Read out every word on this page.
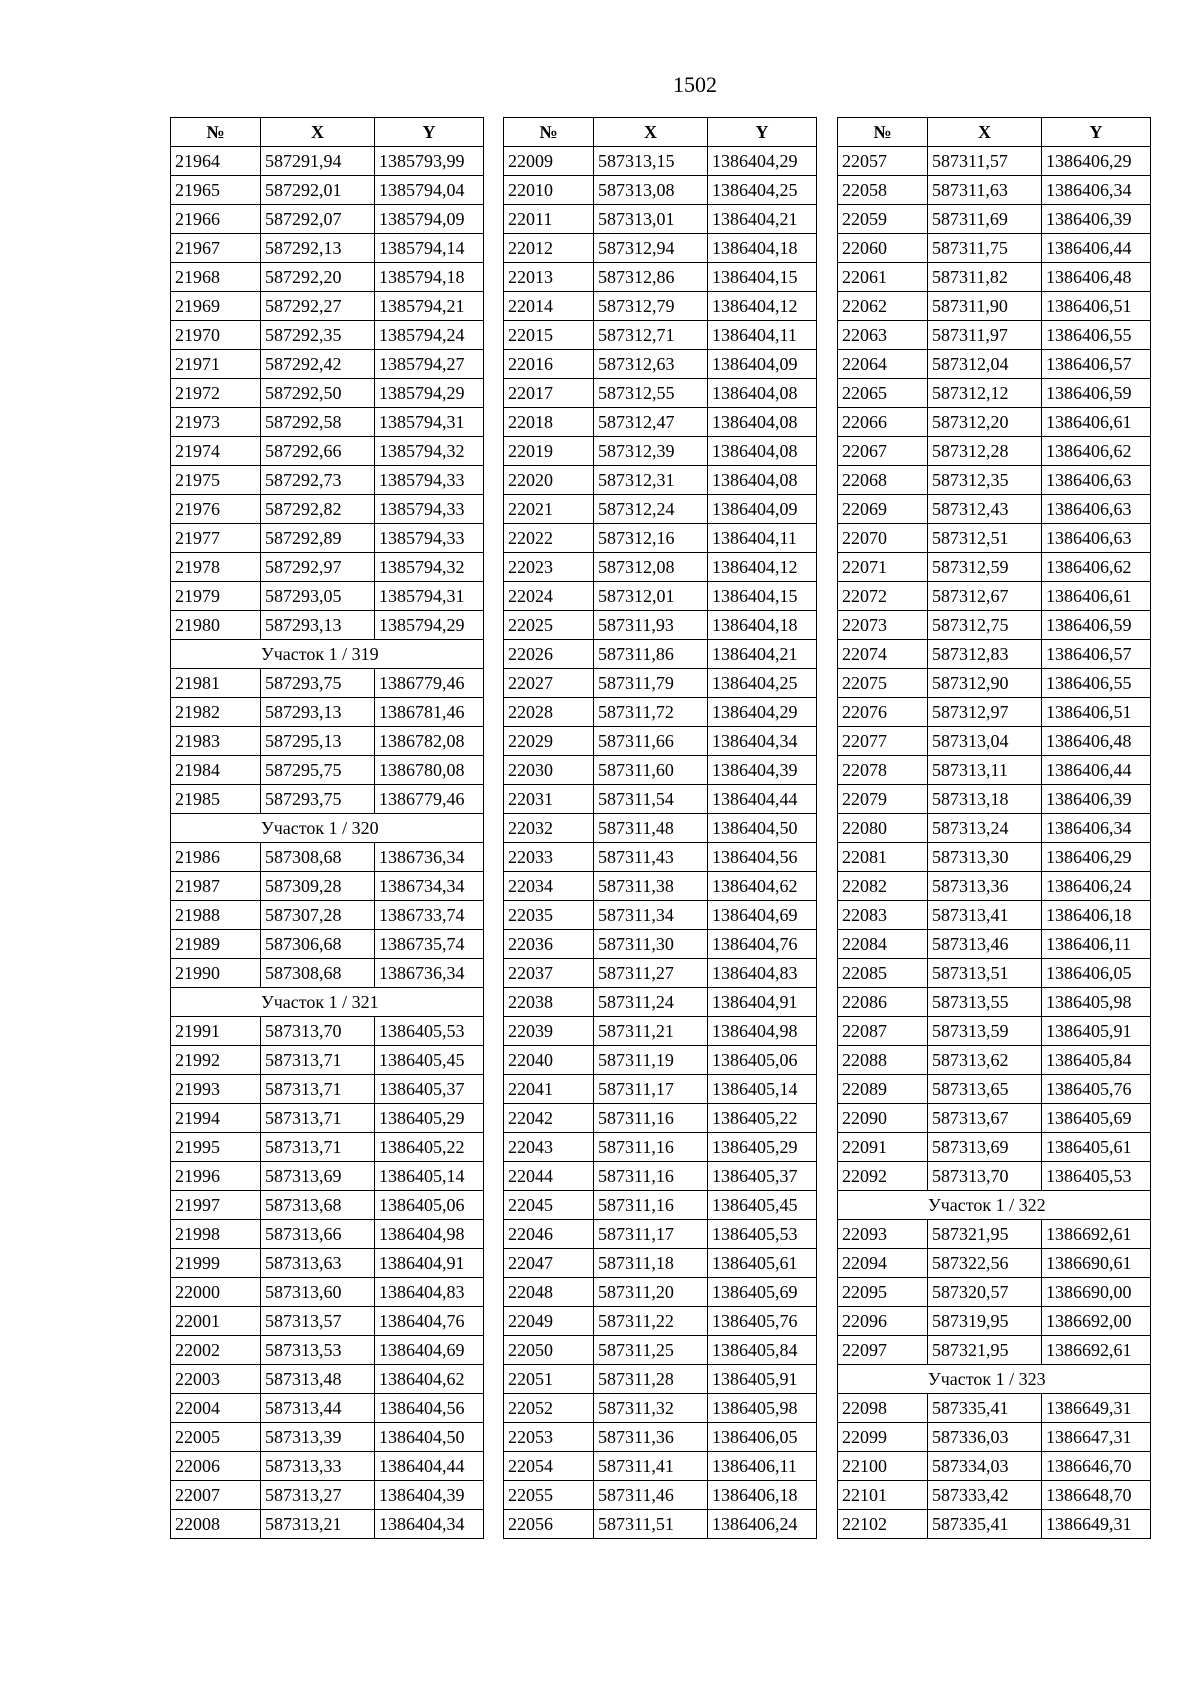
1502
№	X	Y
21964	587291,94	1385793,99
21965	587292,01	1385794,04
21966	587292,07	1385794,09
21967	587292,13	1385794,14
21968	587292,20	1385794,18
21969	587292,27	1385794,21
21970	587292,35	1385794,24
21971	587292,42	1385794,27
21972	587292,50	1385794,29
21973	587292,58	1385794,31
21974	587292,66	1385794,32
21975	587292,73	1385794,33
21976	587292,82	1385794,33
21977	587292,89	1385794,33
21978	587292,97	1385794,32
21979	587293,05	1385794,31
21980	587293,13	1385794,29
Участок 1 / 319		
21981	587293,75	1386779,46
21982	587293,13	1386781,46
21983	587295,13	1386782,08
21984	587295,75	1386780,08
21985	587293,75	1386779,46
Участок 1 / 320		
21986	587308,68	1386736,34
21987	587309,28	1386734,34
21988	587307,28	1386733,74
21989	587306,68	1386735,74
21990	587308,68	1386736,34
Участок 1 / 321		
21991	587313,70	1386405,53
21992	587313,71	1386405,45
21993	587313,71	1386405,37
21994	587313,71	1386405,29
21995	587313,71	1386405,22
21996	587313,69	1386405,14
21997	587313,68	1386405,06
21998	587313,66	1386404,98
21999	587313,63	1386404,91
22000	587313,60	1386404,83
22001	587313,57	1386404,76
22002	587313,53	1386404,69
22003	587313,48	1386404,62
22004	587313,44	1386404,56
22005	587313,39	1386404,50
22006	587313,33	1386404,44
22007	587313,27	1386404,39
22008	587313,21	1386404,34
№	X	Y
22009	587313,15	1386404,29
22010	587313,08	1386404,25
22011	587313,01	1386404,21
22012	587312,94	1386404,18
22013	587312,86	1386404,15
22014	587312,79	1386404,12
22015	587312,71	1386404,11
22016	587312,63	1386404,09
22017	587312,55	1386404,08
22018	587312,47	1386404,08
22019	587312,39	1386404,08
22020	587312,31	1386404,08
22021	587312,24	1386404,09
22022	587312,16	1386404,11
22023	587312,08	1386404,12
22024	587312,01	1386404,15
22025	587311,93	1386404,18
22026	587311,86	1386404,21
22027	587311,79	1386404,25
22028	587311,72	1386404,29
22029	587311,66	1386404,34
22030	587311,60	1386404,39
22031	587311,54	1386404,44
22032	587311,48	1386404,50
22033	587311,43	1386404,56
22034	587311,38	1386404,62
22035	587311,34	1386404,69
22036	587311,30	1386404,76
22037	587311,27	1386404,83
22038	587311,24	1386404,91
22039	587311,21	1386404,98
22040	587311,19	1386405,06
22041	587311,17	1386405,14
22042	587311,16	1386405,22
22043	587311,16	1386405,29
22044	587311,16	1386405,37
22045	587311,16	1386405,45
22046	587311,17	1386405,53
22047	587311,18	1386405,61
22048	587311,20	1386405,69
22049	587311,22	1386405,76
22050	587311,25	1386405,84
22051	587311,28	1386405,91
22052	587311,32	1386405,98
22053	587311,36	1386406,05
22054	587311,41	1386406,11
22055	587311,46	1386406,18
22056	587311,51	1386406,24
№	X	Y
22057	587311,57	1386406,29
22058	587311,63	1386406,34
22059	587311,69	1386406,39
22060	587311,75	1386406,44
22061	587311,82	1386406,48
22062	587311,90	1386406,51
22063	587311,97	1386406,55
22064	587312,04	1386406,57
22065	587312,12	1386406,59
22066	587312,20	1386406,61
22067	587312,28	1386406,62
22068	587312,35	1386406,63
22069	587312,43	1386406,63
22070	587312,51	1386406,63
22071	587312,59	1386406,62
22072	587312,67	1386406,61
22073	587312,75	1386406,59
22074	587312,83	1386406,57
22075	587312,90	1386406,55
22076	587312,97	1386406,51
22077	587313,04	1386406,48
22078	587313,11	1386406,44
22079	587313,18	1386406,39
22080	587313,24	1386406,34
22081	587313,30	1386406,29
22082	587313,36	1386406,24
22083	587313,41	1386406,18
22084	587313,46	1386406,11
22085	587313,51	1386406,05
22086	587313,55	1386405,98
22087	587313,59	1386405,91
22088	587313,62	1386405,84
22089	587313,65	1386405,76
22090	587313,67	1386405,69
22091	587313,69	1386405,61
22092	587313,70	1386405,53
Участок 1 / 322		
22093	587321,95	1386692,61
22094	587322,56	1386690,61
22095	587320,57	1386690,00
22096	587319,95	1386692,00
22097	587321,95	1386692,61
Участок 1 / 323		
22098	587335,41	1386649,31
22099	587336,03	1386647,31
22100	587334,03	1386646,70
22101	587333,42	1386648,70
22102	587335,41	1386649,31
